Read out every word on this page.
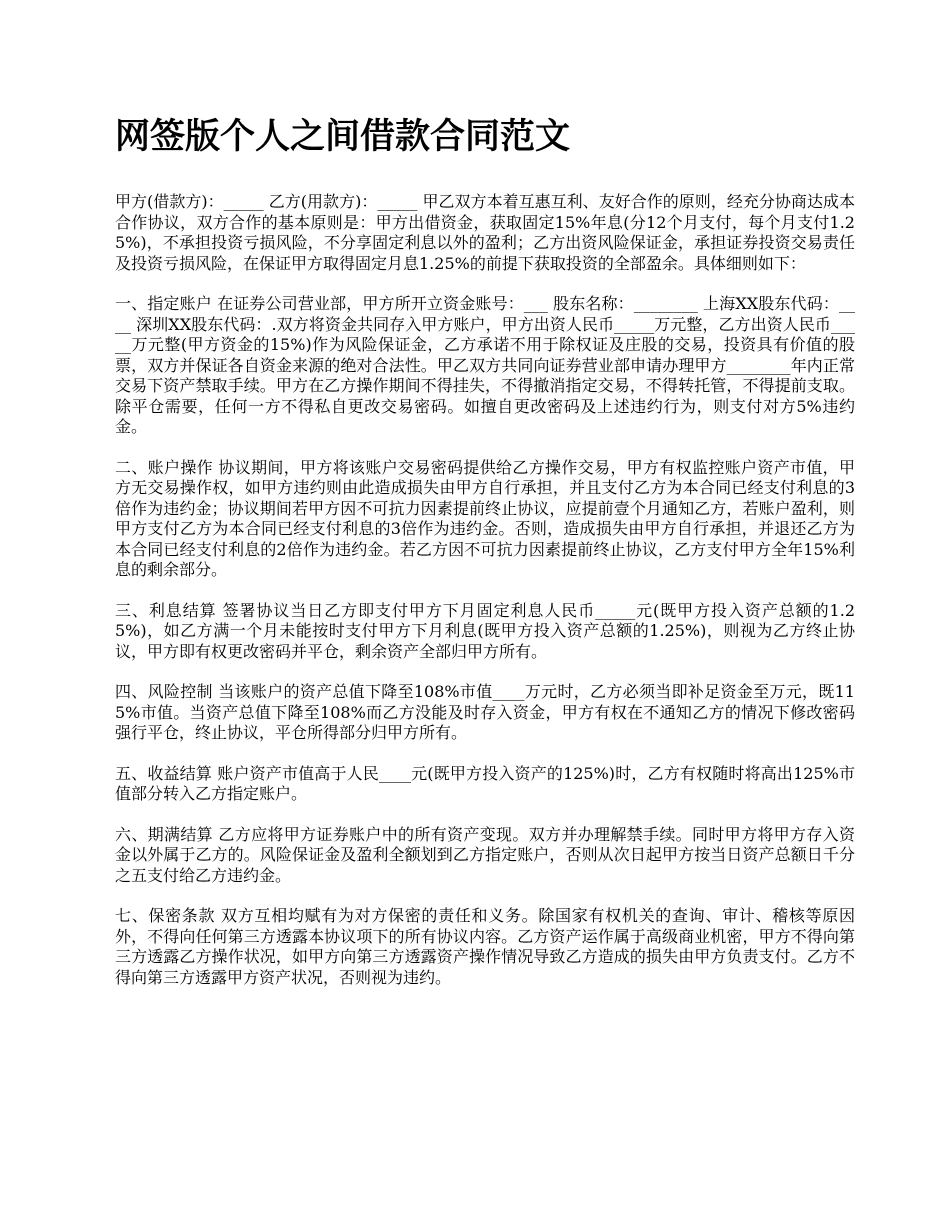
网签版个人之间借款合同范文

甲方(借款方)：_____ 乙方(用款方)：_____ 甲乙双方本着互惠互利、友好合作的原则，经充分协商达成本合作协议，双方合作的基本原则是：甲方出借资金，获取固定15%年息(分12个月支付，每个月支付1.25%)，不承担投资亏损风险，不分享固定利息以外的盈利；乙方出资风险保证金，承担证券投资交易责任及投资亏损风险，在保证甲方取得固定月息1.25%的前提下获取投资的全部盈余。具体细则如下：

一、指定账户 在证券公司营业部，甲方所开立资金账号：___ 股东名称：________ 上海XX股东代码：____ 深圳XX股东代码：.双方将资金共同存入甲方账户，甲方出资人民币_____万元整，乙方出资人民币_____万元整(甲方资金的15%)作为风险保证金，乙方承诺不用于除权证及庄股的交易，投资具有价值的股票，双方并保证各自资金来源的绝对合法性。甲乙双方共同向证券营业部申请办理甲方________年内正常交易下资产禁取手续。甲方在乙方操作期间不得挂失，不得撤消指定交易，不得转托管，不得提前支取。除平仓需要，任何一方不得私自更改交易密码。如擅自更改密码及上述违约行为，则支付对方5%违约金。

二、账户操作 协议期间，甲方将该账户交易密码提供给乙方操作交易，甲方有权监控账户资产市值，甲方无交易操作权，如甲方违约则由此造成损失由甲方自行承担，并且支付乙方为本合同已经支付利息的3倍作为违约金；协议期间若甲方因不可抗力因素提前终止协议，应提前壹个月通知乙方，若账户盈利，则甲方支付乙方为本合同已经支付利息的3倍作为违约金。否则，造成损失由甲方自行承担，并退还乙方为本合同已经支付利息的2倍作为违约金。若乙方因不可抗力因素提前终止协议，乙方支付甲方全年15%利息的剩余部分。

三、利息结算 签署协议当日乙方即支付甲方下月固定利息人民币_____元(既甲方投入资产总额的1.25%)，如乙方满一个月未能按时支付甲方下月利息(既甲方投入资产总额的1.25%)，则视为乙方终止协议，甲方即有权更改密码并平仓，剩余资产全部归甲方所有。

四、风险控制 当该账户的资产总值下降至108%市值____万元时，乙方必须当即补足资金至万元，既115%市值。当资产总值下降至108%而乙方没能及时存入资金，甲方有权在不通知乙方的情况下修改密码强行平仓，终止协议，平仓所得部分归甲方所有。

五、收益结算 账户资产市值高于人民____元(既甲方投入资产的125%)时，乙方有权随时将高出125%市值部分转入乙方指定账户。

六、期满结算 乙方应将甲方证券账户中的所有资产变现。双方并办理解禁手续。同时甲方将甲方存入资金以外属于乙方的。风险保证金及盈利全额划到乙方指定账户，否则从次日起甲方按当日资产总额日千分之五支付给乙方违约金。

七、保密条款 双方互相均赋有为对方保密的责任和义务。除国家有权机关的查询、审计、稽核等原因外，不得向任何第三方透露本协议项下的所有协议内容。乙方资产运作属于高级商业机密，甲方不得向第三方透露乙方操作状况，如甲方向第三方透露资产操作情况导致乙方造成的损失由甲方负责支付。乙方不得向第三方透露甲方资产状况，否则视为违约。
